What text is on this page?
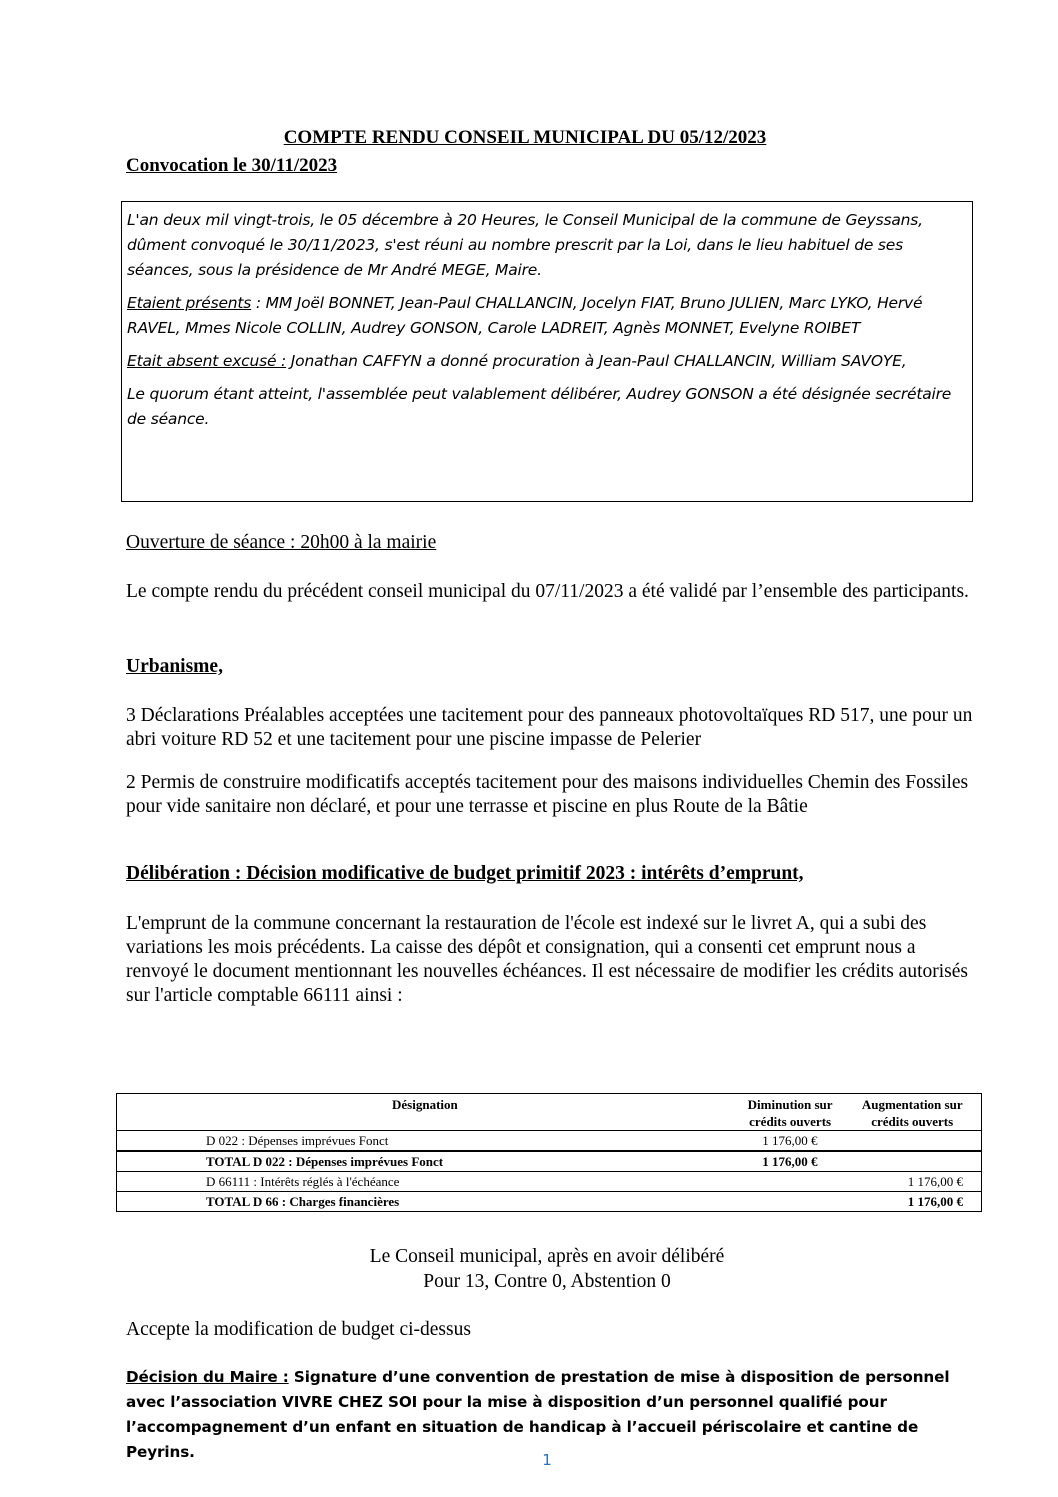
COMPTE RENDU CONSEIL MUNICIPAL DU 05/12/2023
Convocation le 30/11/2023

L'an deux mil vingt-trois, le 05 décembre à 20 Heures, le Conseil Municipal de la commune de Geyssans, dûment convoqué le 30/11/2023, s'est réuni au nombre prescrit par la Loi, dans le lieu habituel de ses séances, sous la présidence de Mr André MEGE, Maire.

Etaient présents : MM Joël BONNET, Jean-Paul CHALLANCIN, Jocelyn FIAT, Bruno JULIEN, Marc LYKO, Hervé RAVEL, Mmes Nicole COLLIN, Audrey GONSON, Carole LADREIT, Agnès MONNET, Evelyne ROIBET

Etait absent excusé : Jonathan CAFFYN a donné procuration à Jean-Paul CHALLANCIN, William SAVOYE,

Le quorum étant atteint, l'assemblée peut valablement délibérer, Audrey GONSON a été désignée secrétaire de séance.

Ouverture de séance : 20h00 à la mairie
Le compte rendu du précédent conseil municipal du 07/11/2023 a été validé par l’ensemble des participants.
Urbanisme,
3 Déclarations Préalables acceptées une tacitement pour des panneaux photovoltaïques RD 517, une pour un abri voiture RD 52 et une tacitement pour une piscine impasse de Pelerier
2 Permis de construire modificatifs acceptés tacitement pour des maisons individuelles Chemin des Fossiles pour vide sanitaire non déclaré, et pour une terrasse et piscine en plus Route de la Bâtie
Délibération : Décision modificative de budget primitif 2023 : intérêts d’emprunt,
L'emprunt de la commune concernant la restauration de l'école est indexé sur le livret A, qui a subi des variations les mois précédents. La caisse des dépôt et consignation, qui a consenti cet emprunt nous a renvoyé le document mentionnant les nouvelles échéances. Il est nécessaire de modifier les crédits autorisés sur l'article comptable 66111 ainsi :
Désignation	Diminution sur crédits ouverts	Augmentation sur crédits ouverts
D 022 : Dépenses imprévues Fonct	1 176,00 €	
TOTAL D 022 : Dépenses imprévues Fonct	1 176,00 €	
D 66111 : Intérêts réglés à l'échéance		1 176,00 €
TOTAL D 66 : Charges financières		1 176,00 €
Le Conseil municipal, après en avoir délibéré
Pour 13, Contre 0, Abstention 0
Accepte la modification de budget ci-dessus
Décision du Maire : Signature d’une convention de prestation de mise à disposition de personnel avec l’association VIVRE CHEZ SOI pour la mise à disposition d’un personnel qualifié pour l’accompagnement d’un enfant en situation de handicap à l’accueil périscolaire et cantine de Peyrins.	1
